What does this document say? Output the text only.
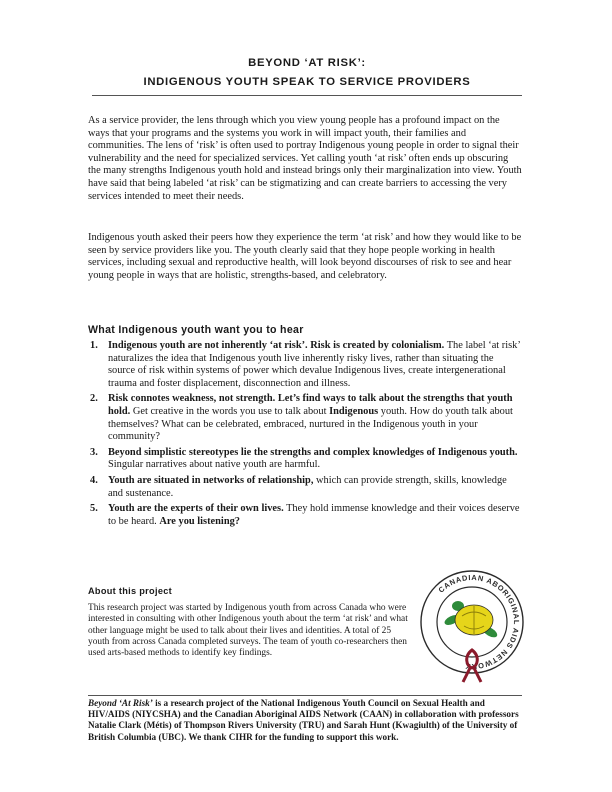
BEYOND ‘AT RISK’:
INDIGENOUS YOUTH SPEAK TO SERVICE PROVIDERS

As a service provider, the lens through which you view young people has a profound impact on the ways that your programs and the systems you work in will impact youth, their families and communities. The lens of ‘risk’ is often used to portray Indigenous young people in order to signal their vulnerability and the need for specialized services. Yet calling youth ‘at risk’ often ends up obscuring the many strengths Indigenous youth hold and instead brings only their marginalization into view. Youth have said that being labeled ‘at risk’ can be stigmatizing and can create barriers to accessing the very services intended to meet their needs.

Indigenous youth asked their peers how they experience the term ‘at risk’ and how they would like to be seen by service providers like you. The youth clearly said that they hope people working in health services, including sexual and reproductive health, will look beyond discourses of risk to see and hear young people in ways that are holistic, strengths-based, and celebratory.

What Indigenous youth want you to hear
1. Indigenous youth are not inherently ‘at risk’. Risk is created by colonialism. The label ‘at risk’ naturalizes the idea that Indigenous youth live inherently risky lives, rather than situating the source of risk within systems of power which devalue Indigenous lives, create intergenerational trauma and foster displacement, disconnection and illness.
2. Risk connotes weakness, not strength. Let’s find ways to talk about the strengths that youth hold. Get creative in the words you use to talk about Indigenous youth. How do youth talk about themselves? What can be celebrated, embraced, nurtured in the Indigenous youth in your community?
3. Beyond simplistic stereotypes lie the strengths and complex knowledges of Indigenous youth. Singular narratives about native youth are harmful.
4. Youth are situated in networks of relationship, which can provide strength, skills, knowledge and sustenance.
5. Youth are the experts of their own lives. They hold immense knowledge and their voices deserve to be heard. Are you listening?
About this project
This research project was started by Indigenous youth from across Canada who were interested in consulting with other Indigenous youth about the term ‘at risk’ and what other language might be used to talk about their lives and identities. A total of 25 youth from across Canada completed surveys. The team of youth co-researchers then used arts-based methods to identify key findings.
CANADIAN ABORIGINAL AIDS NETWORK
Beyond ‘At Risk’ is a research project of the National Indigenous Youth Council on Sexual Health and HIV/AIDS (NIYCSHA) and the Canadian Aboriginal AIDS Network (CAAN) in collaboration with professors Natalie Clark (Métis) of Thompson Rivers University (TRU) and Sarah Hunt (Kwagiulth) of the University of British Columbia (UBC). We thank CIHR for the funding to support this work.
